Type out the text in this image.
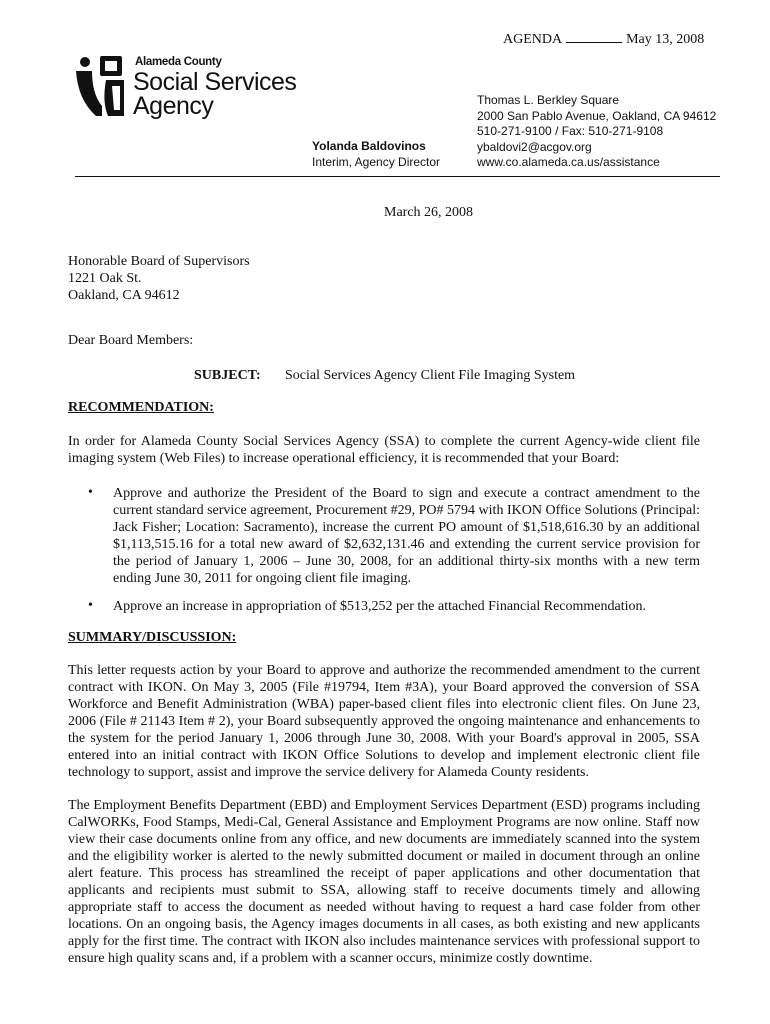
AGENDA	May 13, 2008
Alameda County
Social Services
Agency
Yolanda Baldovinos
Interim, Agency Director
Thomas L. Berkley Square
2000 San Pablo Avenue, Oakland, CA 94612
510-271-9100 / Fax: 510-271-9108
ybaldovi2@acgov.org
www.co.alameda.ca.us/assistance
March 26, 2008
Honorable Board of Supervisors
1221 Oak St.
Oakland, CA 94612
Dear Board Members:
SUBJECT: Social Services Agency Client File Imaging System
RECOMMENDATION:
In order for Alameda County Social Services Agency (SSA) to complete the current Agency-wide client file imaging system (Web Files) to increase operational efficiency, it is recommended that your Board:
• Approve and authorize the President of the Board to sign and execute a contract amendment to the current standard service agreement, Procurement #29, PO# 5794 with IKON Office Solutions (Principal: Jack Fisher; Location: Sacramento), increase the current PO amount of $1,518,616.30 by an additional $1,113,515.16 for a total new award of $2,632,131.46 and extending the current service provision for the period of January 1, 2006 – June 30, 2008, for an additional thirty-six months with a new term ending June 30, 2011 for ongoing client file imaging.
• Approve an increase in appropriation of $513,252 per the attached Financial Recommendation.
SUMMARY/DISCUSSION:
This letter requests action by your Board to approve and authorize the recommended amendment to the current contract with IKON. On May 3, 2005 (File #19794, Item #3A), your Board approved the conversion of SSA Workforce and Benefit Administration (WBA) paper-based client files into electronic client files. On June 23, 2006 (File # 21143 Item # 2), your Board subsequently approved the ongoing maintenance and enhancements to the system for the period January 1, 2006 through June 30, 2008. With your Board's approval in 2005, SSA entered into an initial contract with IKON Office Solutions to develop and implement electronic client file technology to support, assist and improve the service delivery for Alameda County residents.
The Employment Benefits Department (EBD) and Employment Services Department (ESD) programs including CalWORKs, Food Stamps, Medi-Cal, General Assistance and Employment Programs are now online. Staff now view their case documents online from any office, and new documents are immediately scanned into the system and the eligibility worker is alerted to the newly submitted document or mailed in document through an online alert feature. This process has streamlined the receipt of paper applications and other documentation that applicants and recipients must submit to SSA, allowing staff to receive documents timely and allowing appropriate staff to access the document as needed without having to request a hard case folder from other locations. On an ongoing basis, the Agency images documents in all cases, as both existing and new applicants apply for the first time. The contract with IKON also includes maintenance services with professional support to ensure high quality scans and, if a problem with a scanner occurs, minimize costly downtime.
